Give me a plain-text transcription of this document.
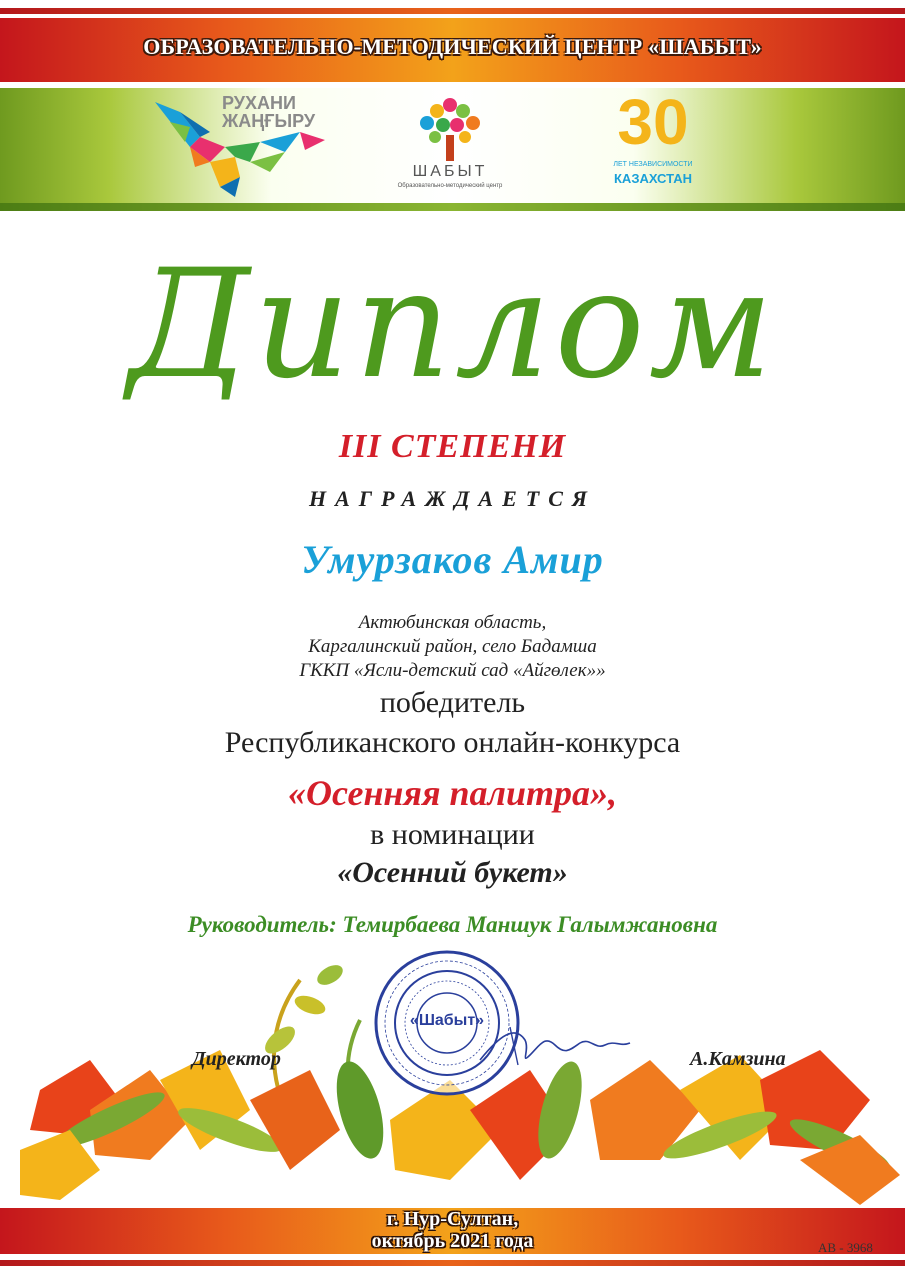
ОБРАЗОВАТЕЛЬНО-МЕТОДИЧЕСКИЙ ЦЕНТР «ШАБЫТ»
РУХАНИ
ЖАҢҒЫРУ
ШАБЫТ
Образовательно-методический центр
30
ЛЕТ НЕЗАВИСИМОСТИ
КАЗАХСТАН
Диплом
III СТЕПЕНИ
НАГРАЖДАЕТСЯ
Умурзаков Амир
Актюбинская область,
Каргалинский район, село Бадамша
ГККП «Ясли-детский сад «Айгөлек»»
победитель
Республиканского онлайн-конкурса
«Осенняя палитра»,
в номинации
«Осенний букет»
Руководитель: Темирбаева Маншук Галымжановна
«Шабыт»
Директор	А.Камзина
г. Нур-Султан,
октябрь 2021 года	АВ - 3968
